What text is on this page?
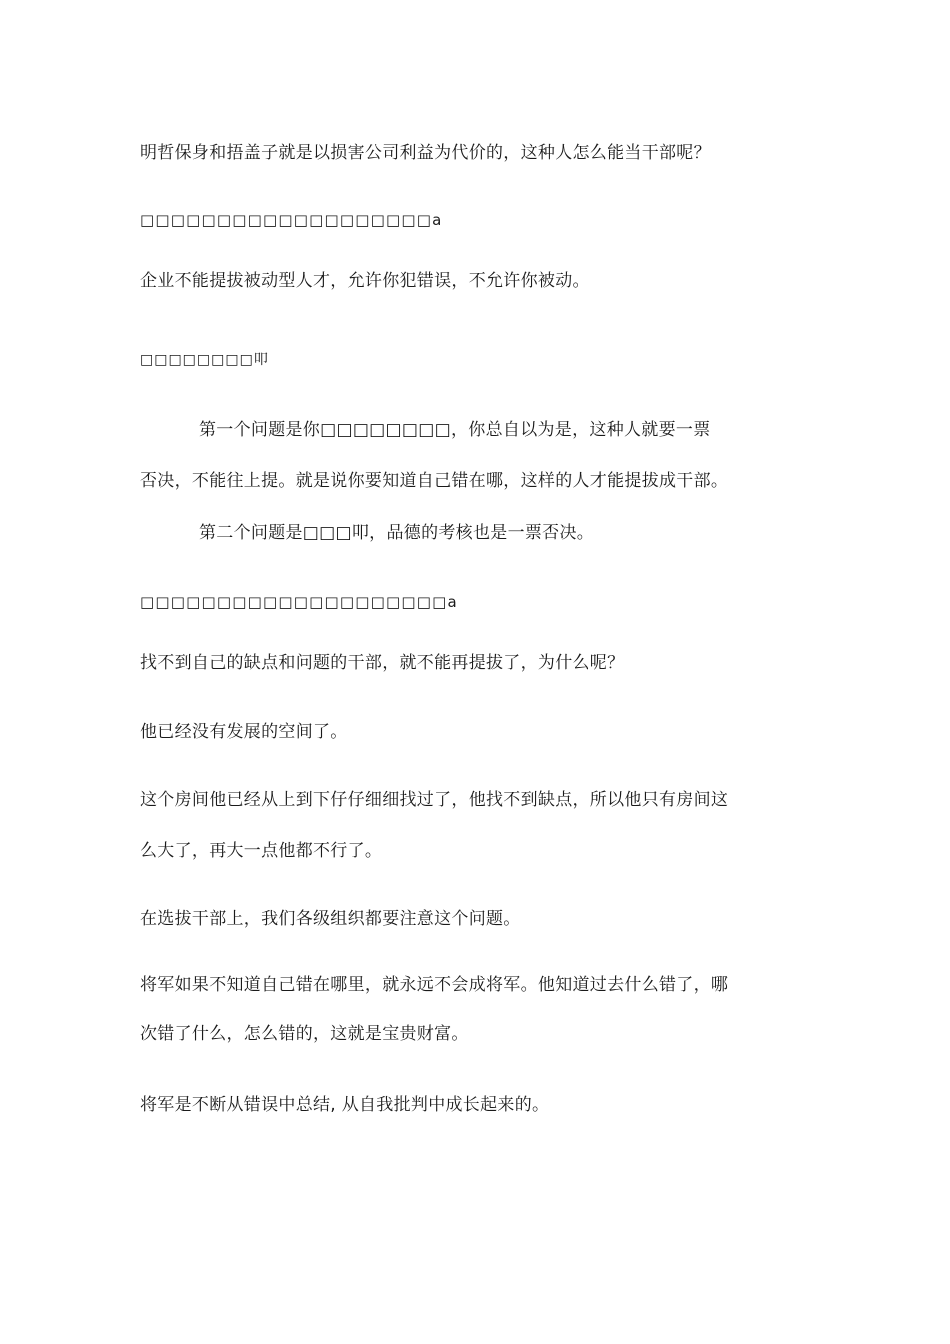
明哲保身和捂盖子就是以损害公司利益为代价的，这种人怎么能当干部呢？
□□□□□□□□□□□□□□□□□□□a
企业不能提拔被动型人才，允许你犯错误，不允许你被动。
□□□□□□□□叩
第一个问题是你□□□□□□□□，你总自以为是，这种人就要一票
否决，不能往上提。就是说你要知道自己错在哪，这样的人才能提拔成干部。
第二个问题是□□□叩，品德的考核也是一票否决。
□□□□□□□□□□□□□□□□□□□□a
找不到自己的缺点和问题的干部，就不能再提拔了，为什么呢？
他已经没有发展的空间了。
这个房间他已经从上到下仔仔细细找过了，他找不到缺点，所以他只有房间这
么大了，再大一点他都不行了。
在选拔干部上，我们各级组织都要注意这个问题。
将军如果不知道自己错在哪里，就永远不会成将军。他知道过去什么错了，哪
次错了什么，怎么错的，这就是宝贵财富。
将军是不断从错误中总结, 从自我批判中成长起来的。
